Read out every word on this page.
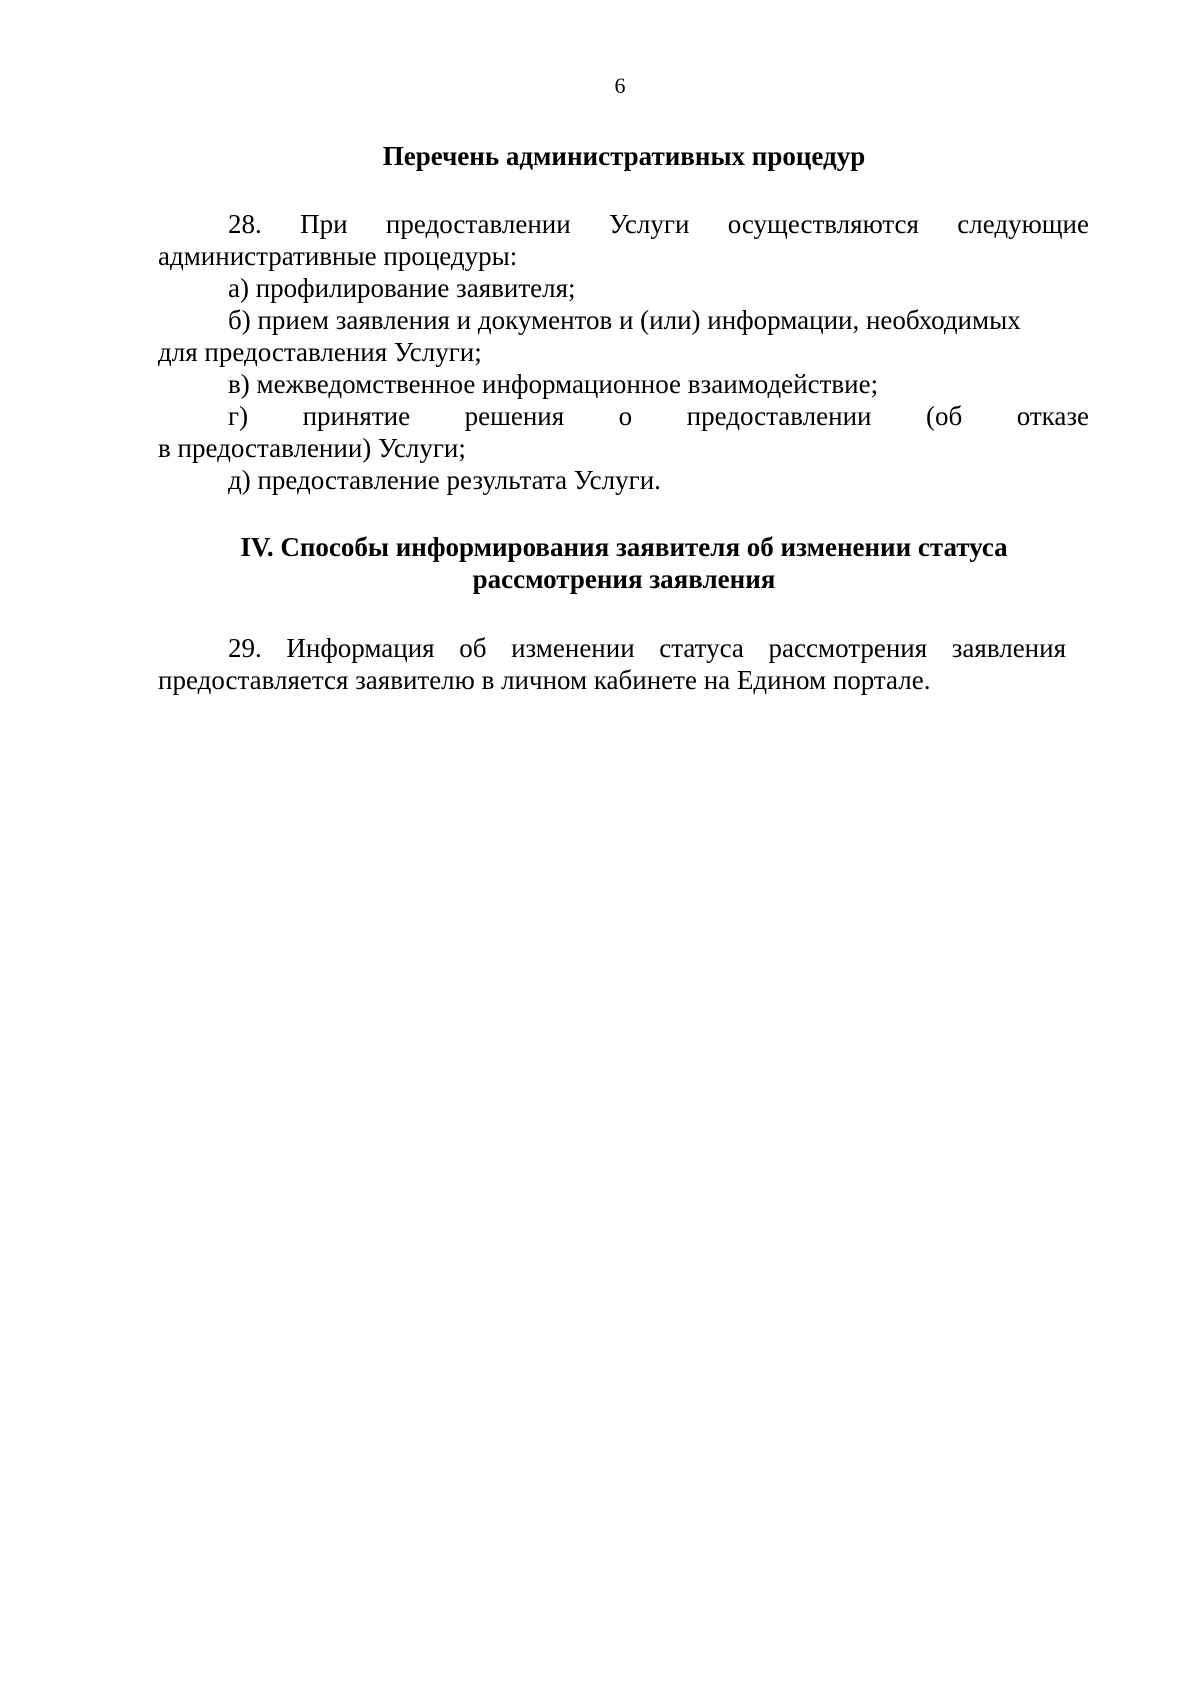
6
Перечень административных процедур
28. При предоставлении Услуги осуществляются следующие
административные процедуры:
а) профилирование заявителя;
б) прием заявления и документов и (или) информации, необходимых
для предоставления Услуги;
в) межведомственное информационное взаимодействие;
г) принятие решения о предоставлении (об отказе
в предоставлении) Услуги;
д) предоставление результата Услуги.
IV. Способы информирования заявителя об изменении статуса
рассмотрения заявления
29. Информация об изменении статуса рассмотрения заявления
предоставляется заявителю в личном кабинете на Едином портале.
